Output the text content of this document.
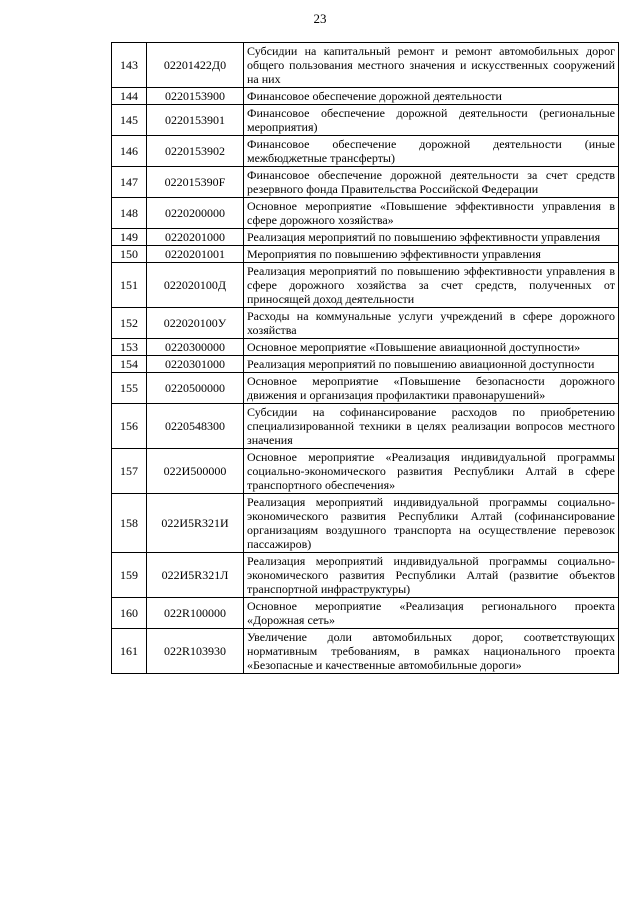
23
143	02201422Д0	Субсидии на капитальный ремонт и ремонт автомобильных дорог общего пользования местного значения и искусственных сооружений на них
144	0220153900	Финансовое обеспечение дорожной деятельности
145	0220153901	Финансовое обеспечение дорожной деятельности (региональные мероприятия)
146	0220153902	Финансовое обеспечение дорожной деятельности (иные межбюджетные трансферты)
147	022015390F	Финансовое обеспечение дорожной деятельности за счет средств резервного фонда Правительства Российской Федерации
148	0220200000	Основное мероприятие «Повышение эффективности управления в сфере дорожного хозяйства»
149	0220201000	Реализация мероприятий по повышению эффективности управления
150	0220201001	Мероприятия по повышению эффективности управления
151	022020100Д	Реализация мероприятий по повышению эффективности управления в сфере дорожного хозяйства за счет средств, полученных от приносящей доход деятельности
152	022020100У	Расходы на коммунальные услуги учреждений в сфере дорожного хозяйства
153	0220300000	Основное мероприятие «Повышение авиационной доступности»
154	0220301000	Реализация мероприятий по повышению авиационной доступности
155	0220500000	Основное мероприятие «Повышение безопасности дорожного движения и организация профилактики правонарушений»
156	0220548300	Субсидии на софинансирование расходов по приобретению специализированной техники в целях реализации вопросов местного значения
157	022И500000	Основное мероприятие «Реализация индивидуальной программы социально-экономического развития Республики Алтай в сфере транспортного обеспечения»
158	022И5R321И	Реализация мероприятий индивидуальной программы социально-экономического развития Республики Алтай (софинансирование организациям воздушного транспорта на осуществление перевозок пассажиров)
159	022И5R321Л	Реализация мероприятий индивидуальной программы социально-экономического развития Республики Алтай (развитие объектов транспортной инфраструктуры)
160	022R100000	Основное мероприятие «Реализация регионального проекта «Дорожная сеть»
161	022R103930	Увеличение доли автомобильных дорог, соответствующих нормативным требованиям, в рамках национального проекта «Безопасные и качественные автомобильные дороги»
